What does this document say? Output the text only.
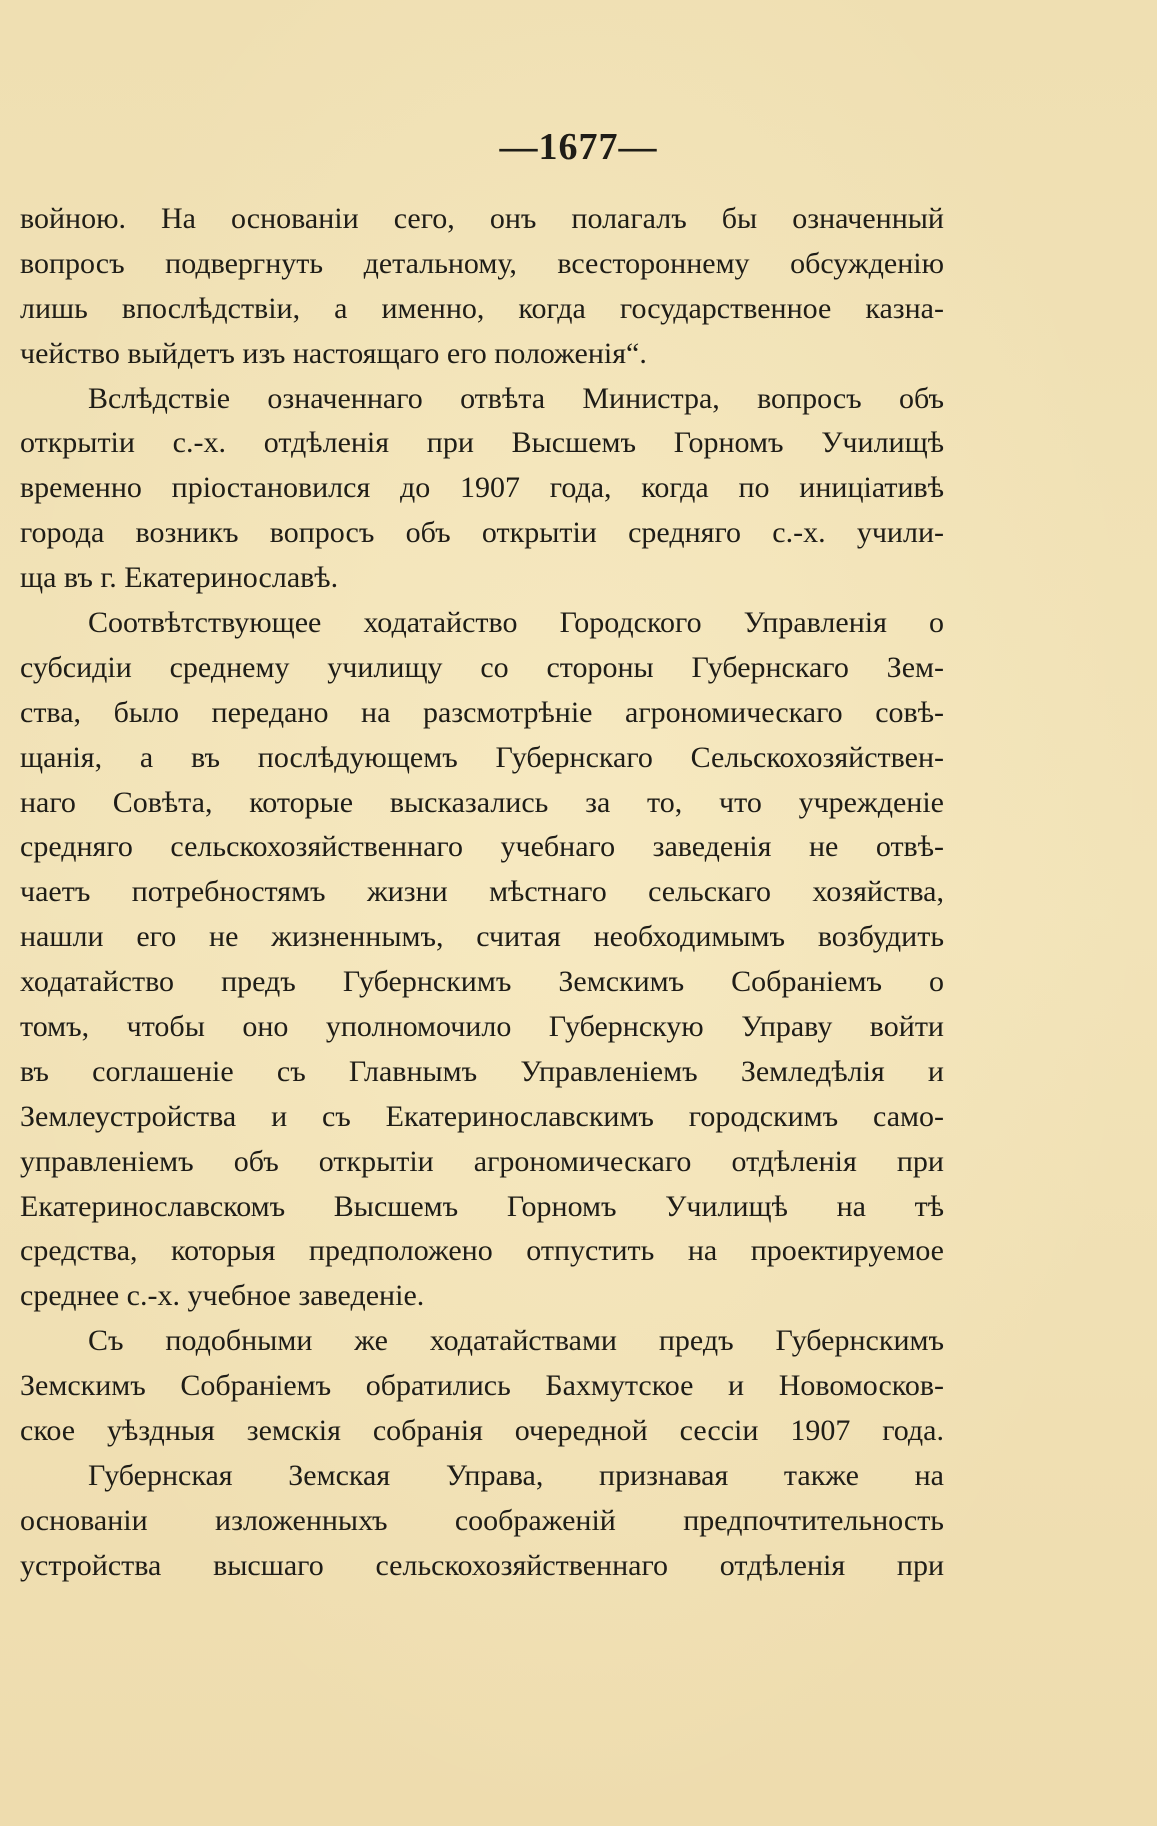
—1677—
войною. На основаніи сего, онъ полагалъ бы означенный
вопросъ подвергнуть детальному, всестороннему обсужденію
лишь впослѣдствіи, а именно, когда государственное казна-
чейство выйдетъ изъ настоящаго его положенія“.
Вслѣдствіе означеннаго отвѣта Министра, вопросъ объ
открытіи с.-х. отдѣленія при Высшемъ Горномъ Училищѣ
временно пріостановился до 1907 года, когда по иниціативѣ
города возникъ вопросъ объ открытіи средняго с.-х. учили-
ща въ г. Екатеринославѣ.
Соотвѣтствующее ходатайство Городского Управленія о
субсидіи среднему училищу со стороны Губернскаго Зем-
ства, было передано на разсмотрѣніе агрономическаго совѣ-
щанія, а въ послѣдующемъ Губернскаго Сельскохозяйствен-
наго Совѣта, которые высказались за то, что учрежденіе
средняго сельскохозяйственнаго учебнаго заведенія не отвѣ-
чаетъ потребностямъ жизни мѣстнаго сельскаго хозяйства,
нашли его не жизненнымъ, считая необходимымъ возбудить
ходатайство предъ Губернскимъ Земскимъ Собраніемъ о
томъ, чтобы оно уполномочило Губернскую Управу войти
въ соглашеніе съ Главнымъ Управленіемъ Земледѣлія и
Землеустройства и съ Екатеринославскимъ городскимъ само-
управленіемъ объ открытіи агрономическаго отдѣленія при
Екатеринославскомъ Высшемъ Горномъ Училищѣ на тѣ
средства, которыя предположено отпустить на проектируемое
среднее с.-х. учебное заведеніе.
Съ подобными же ходатайствами предъ Губернскимъ
Земскимъ Собраніемъ обратились Бахмутское и Новомосков-
ское уѣздныя земскія собранія очередной сессіи 1907 года.
Губернская Земская Управа, признавая также на
основаніи изложенныхъ соображеній предпочтительность
устройства высшаго сельскохозяйственнаго отдѣленія при
